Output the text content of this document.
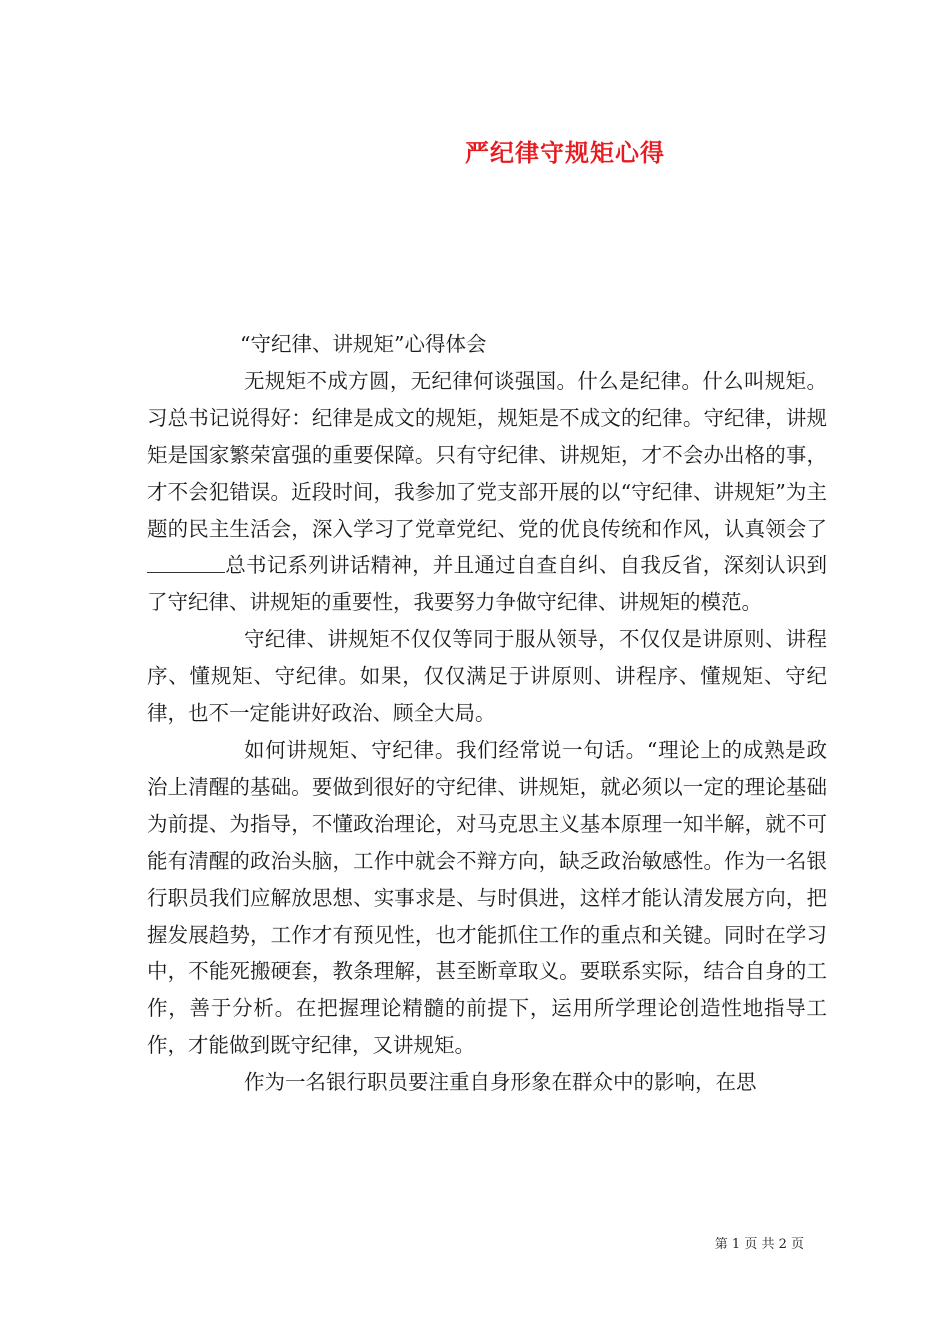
严纪律守规矩心得

“守纪律、讲规矩”心得体会

无规矩不成方圆，无纪律何谈强国。什么是纪律。什么叫规矩。习总书记说得好：纪律是成文的规矩，规矩是不成文的纪律。守纪律，讲规矩是国家繁荣富强的重要保障。只有守纪律、讲规矩，才不会办出格的事，才不会犯错误。近段时间，我参加了党支部开展的以“守纪律、讲规矩”为主题的民主生活会，深入学习了党章党纪、党的优良传统和作风，认真领会了总书记系列讲话精神，并且通过自查自纠、自我反省，深刻认识到了守纪律、讲规矩的重要性，我要努力争做守纪律、讲规矩的模范。

守纪律、讲规矩不仅仅等同于服从领导，不仅仅是讲原则、讲程序、懂规矩、守纪律。如果，仅仅满足于讲原则、讲程序、懂规矩、守纪律，也不一定能讲好政治、顾全大局。

如何讲规矩、守纪律。我们经常说一句话。“理论上的成熟是政治上清醒的基础。要做到很好的守纪律、讲规矩，就必须以一定的理论基础为前提、为指导，不懂政治理论，对马克思主义基本原理一知半解，就不可能有清醒的政治头脑，工作中就会不辩方向，缺乏政治敏感性。作为一名银行职员我们应解放思想、实事求是、与时俱进，这样才能认清发展方向，把握发展趋势，工作才有预见性，也才能抓住工作的重点和关键。同时在学习中，不能死搬硬套，教条理解，甚至断章取义。要联系实际，结合自身的工作，善于分析。在把握理论精髓的前提下，运用所学理论创造性地指导工作，才能做到既守纪律，又讲规矩。

作为一名银行职员要注重自身形象在群众中的影响，在思

第 1 页 共 2 页
